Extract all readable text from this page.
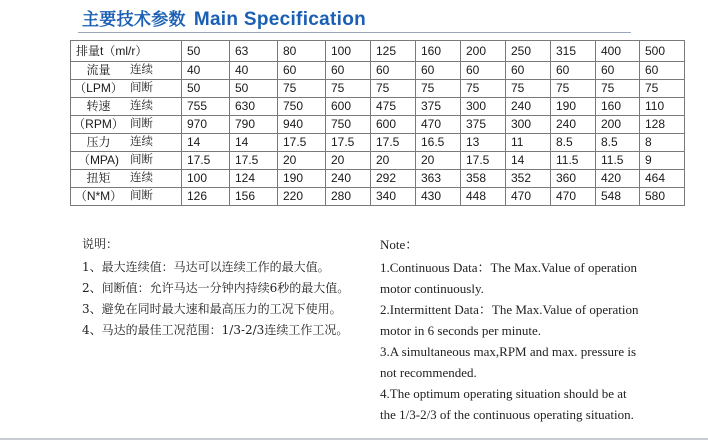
主要技术参数 Main Specification
排量t（ml/r）	50	63	80	100	125	160	200	250	315	400	500

流量 连续	40	40	60	60	60	60	60	60	60	60	60

（LPM） 间断	50	50	75	75	75	75	75	75	75	75	75

转速 连续	755	630	750	600	475	375	300	240	190	160	110

（RPM） 间断	970	790	940	750	600	470	375	300	240	200	128

压力 连续	14	14	17.5	17.5	17.5	16.5	13	11	8.5	8.5	8

（MPA) 间断	17.5	17.5	20	20	20	20	17.5	14	11.5	11.5	9

扭矩 连续	100	124	190	240	292	363	358	352	360	420	464

（N*M） 间断	126	156	220	280	340	430	448	470	470	548	580
说明：

1、最大连续值：马达可以连续工作的最大值。

2、间断值：允许马达一分钟内持续6秒的最大值。

3、避免在同时最大速和最高压力的工况下使用。

4、马达的最佳工况范围：1/3-2/3连续工作工况。

Note：

1.Continuous Data：The Max.Value of operation motor continuously.

2.Intermittent Data：The Max.Value of operation motor in 6 seconds per minute.

3.A simultaneous max,RPM and max. pressure is not recommended.

4.The optimum operating situation should be at the 1/3-2/3 of the continuous operating situation.
